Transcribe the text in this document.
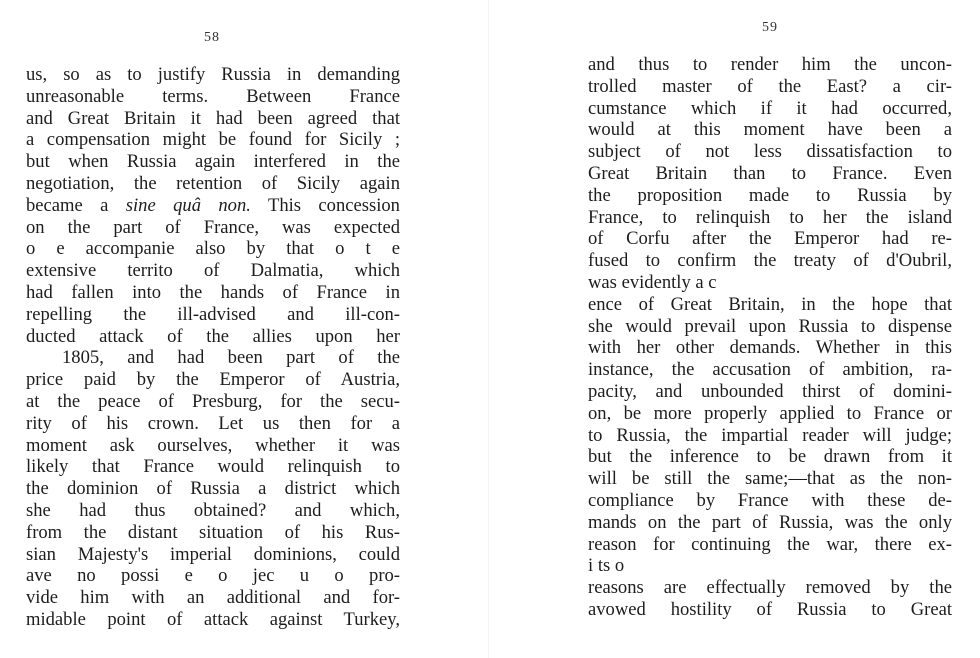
58
us, so as to justify Russia in demanding
unreasonable terms. Between France
and Great Britain it had been agreed that
a compensation might be found for Sicily ;
but when Russia again interfered in the
negotiation, the retention of Sicily again
became a sine quâ non. This concession
on the part of France, was expected
o e accompanie also by that o t e
extensive territo of Dalmatia, which
had fallen into the hands of France in
repelling the ill-advised and ill-con-
ducted attack of the allies upon her
1805, and had been part of the
price paid by the Emperor of Austria,
at the peace of Presburg, for the secu-
rity of his crown. Let us then for a
moment ask ourselves, whether it was
likely that France would relinquish to
the dominion of Russia a district which
she had thus obtained? and which,
from the distant situation of his Rus-
sian Majesty's imperial dominions, could
ave no possi e o jec u o pro-
vide him with an additional and for-
midable point of attack against Turkey,
59
and thus to render him the uncon-
trolled master of the East? a cir-
cumstance which if it had occurred,
would at this moment have been a
subject of not less dissatisfaction to
Great Britain than to France. Even
the proposition made to Russia by
France, to relinquish to her the island
of Corfu after the Emperor had re-
fused to confirm the treaty of d'Oubril,
was evidently a c
ence of Great Britain, in the hope that
she would prevail upon Russia to dispense
with her other demands. Whether in this
instance, the accusation of ambition, ra-
pacity, and unbounded thirst of domini-
on, be more properly applied to France or
to Russia, the impartial reader will judge;
but the inference to be drawn from it
will be still the same;—that as the non-
compliance by France with these de-
mands on the part of Russia, was the only
reason for continuing the war, there ex-
i ts o
reasons are effectually removed by the
avowed hostility of Russia to Great
